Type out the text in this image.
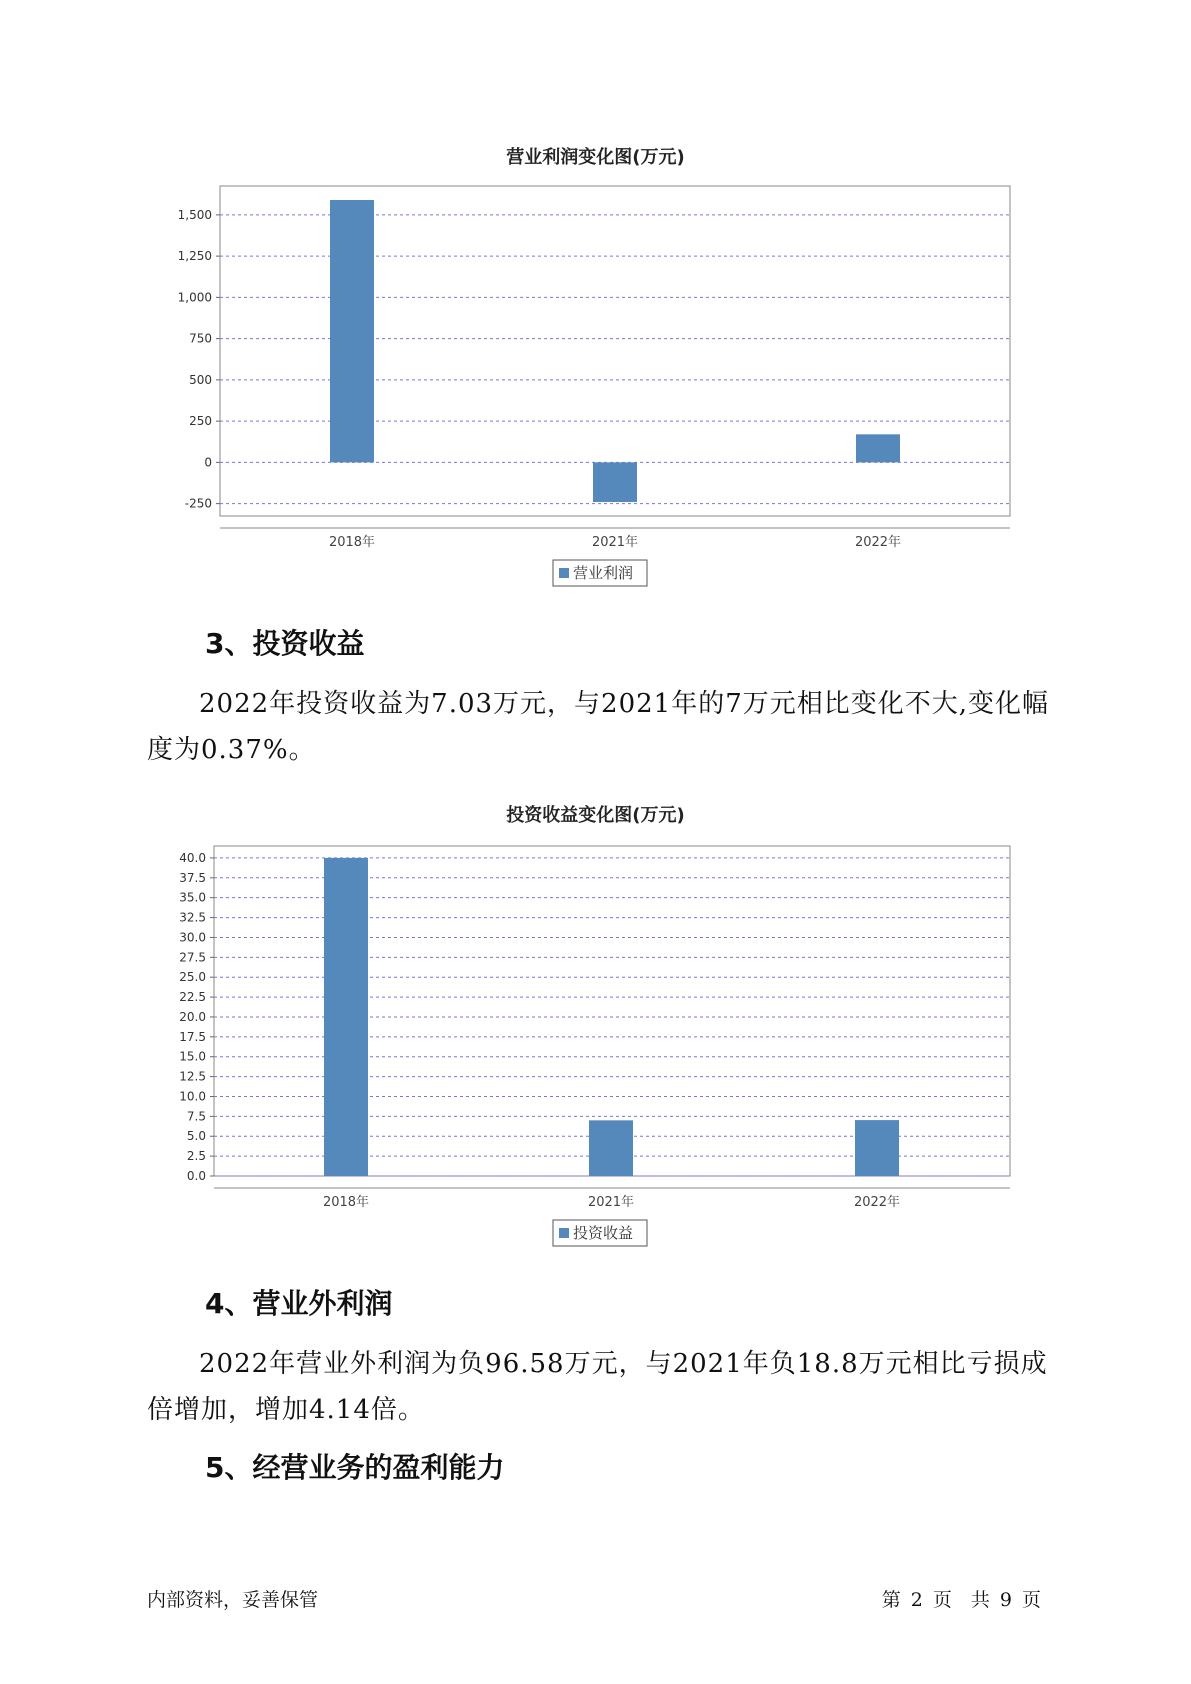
营业利润变化图(万元)
-250
0
250
500
750
1,000
1,250
1,500
2018年	2021年	2022年
营业利润
3、投资收益

2022年投资收益为7.03万元，与2021年的7万元相比变化不大,变化幅度为0.37%。

投资收益变化图(万元)
0.0
2.5
5.0
7.5
10.0
12.5
15.0
17.5
20.0
22.5
25.0
27.5
30.0
32.5
35.0
37.5
40.0
2018年	2021年	2022年
投资收益
4、营业外利润

2022年营业外利润为负96.58万元，与2021年负18.8万元相比亏损成倍增加，增加4.14倍。

5、经营业务的盈利能力
内部资料，妥善保管	第 2 页　共 9 页
